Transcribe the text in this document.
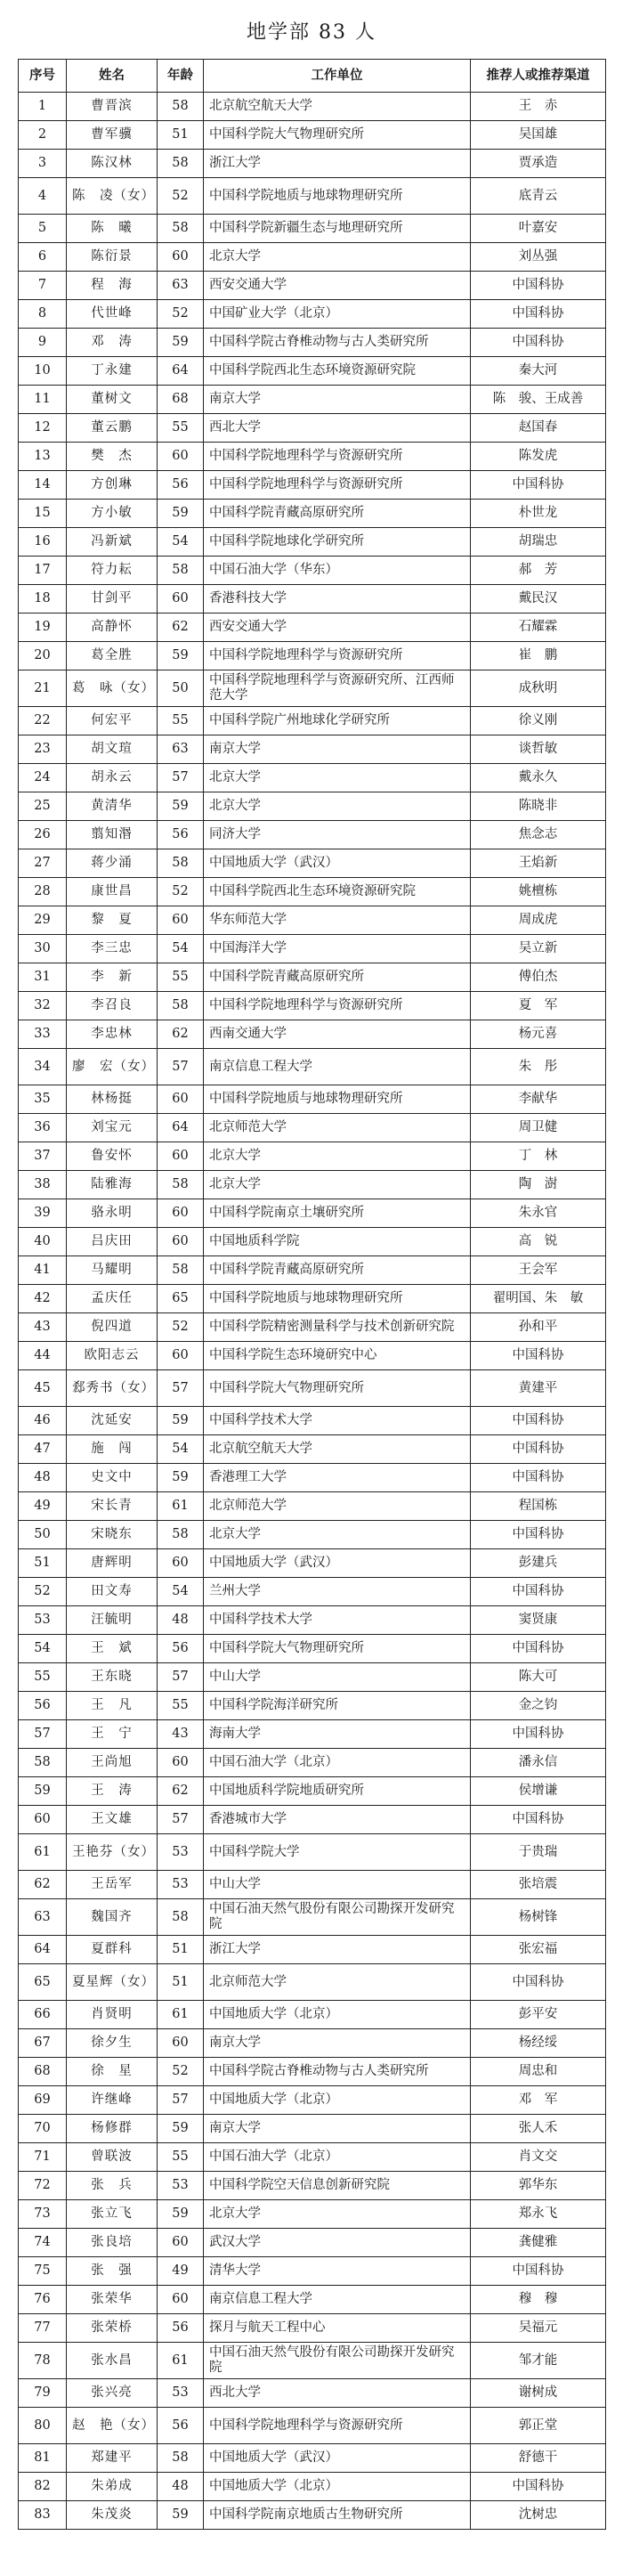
地学部 83 人
序号	姓名	年龄	工作单位	推荐人或推荐渠道
1	曹晋滨	58	北京航空航天大学	王　赤
2	曹军骥	51	中国科学院大气物理研究所	吴国雄
3	陈汉林	58	浙江大学	贾承造
4	陈　凌（女）	52	中国科学院地质与地球物理研究所	底青云
5	陈　曦	58	中国科学院新疆生态与地理研究所	叶嘉安
6	陈衍景	60	北京大学	刘丛强
7	程　海	63	西安交通大学	中国科协
8	代世峰	52	中国矿业大学（北京）	中国科协
9	邓　涛	59	中国科学院古脊椎动物与古人类研究所	中国科协
10	丁永建	64	中国科学院西北生态环境资源研究院	秦大河
11	董树文	68	南京大学	陈　骏、王成善
12	董云鹏	55	西北大学	赵国春
13	樊　杰	60	中国科学院地理科学与资源研究所	陈发虎
14	方创琳	56	中国科学院地理科学与资源研究所	中国科协
15	方小敏	59	中国科学院青藏高原研究所	朴世龙
16	冯新斌	54	中国科学院地球化学研究所	胡瑞忠
17	符力耘	58	中国石油大学（华东）	郝　芳
18	甘剑平	60	香港科技大学	戴民汉
19	高静怀	62	西安交通大学	石耀霖
20	葛全胜	59	中国科学院地理科学与资源研究所	崔　鹏
21	葛　咏（女）	50	中国科学院地理科学与资源研究所、江西师范大学	成秋明
22	何宏平	55	中国科学院广州地球化学研究所	徐义刚
23	胡文瑄	63	南京大学	谈哲敏
24	胡永云	57	北京大学	戴永久
25	黄清华	59	北京大学	陈晓非
26	翦知湣	56	同济大学	焦念志
27	蒋少涌	58	中国地质大学（武汉）	王焰新
28	康世昌	52	中国科学院西北生态环境资源研究院	姚檀栋
29	黎　夏	60	华东师范大学	周成虎
30	李三忠	54	中国海洋大学	吴立新
31	李　新	55	中国科学院青藏高原研究所	傅伯杰
32	李召良	58	中国科学院地理科学与资源研究所	夏　军
33	李忠林	62	西南交通大学	杨元喜
34	廖　宏（女）	57	南京信息工程大学	朱　彤
35	林杨挺	60	中国科学院地质与地球物理研究所	李献华
36	刘宝元	64	北京师范大学	周卫健
37	鲁安怀	60	北京大学	丁　林
38	陆雅海	58	北京大学	陶　澍
39	骆永明	60	中国科学院南京土壤研究所	朱永官
40	吕庆田	60	中国地质科学院	高　锐
41	马耀明	58	中国科学院青藏高原研究所	王会军
42	孟庆任	65	中国科学院地质与地球物理研究所	翟明国、朱　敏
43	倪四道	52	中国科学院精密测量科学与技术创新研究院	孙和平
44	欧阳志云	60	中国科学院生态环境研究中心	中国科协
45	郄秀书（女）	57	中国科学院大气物理研究所	黄建平
46	沈延安	59	中国科学技术大学	中国科协
47	施　闯	54	北京航空航天大学	中国科协
48	史文中	59	香港理工大学	中国科协
49	宋长青	61	北京师范大学	程国栋
50	宋晓东	58	北京大学	中国科协
51	唐辉明	60	中国地质大学（武汉）	彭建兵
52	田文寿	54	兰州大学	中国科协
53	汪毓明	48	中国科学技术大学	窦贤康
54	王　斌	56	中国科学院大气物理研究所	中国科协
55	王东晓	57	中山大学	陈大可
56	王　凡	55	中国科学院海洋研究所	金之钧
57	王　宁	43	海南大学	中国科协
58	王尚旭	60	中国石油大学（北京）	潘永信
59	王　涛	62	中国地质科学院地质研究所	侯增谦
60	王文雄	57	香港城市大学	中国科协
61	王艳芬（女）	53	中国科学院大学	于贵瑞
62	王岳军	53	中山大学	张培震
63	魏国齐	58	中国石油天然气股份有限公司勘探开发研究院	杨树锋
64	夏群科	51	浙江大学	张宏福
65	夏星辉（女）	51	北京师范大学	中国科协
66	肖贤明	61	中国地质大学（北京）	彭平安
67	徐夕生	60	南京大学	杨经绥
68	徐　星	52	中国科学院古脊椎动物与古人类研究所	周忠和
69	许继峰	57	中国地质大学（北京）	邓　军
70	杨修群	59	南京大学	张人禾
71	曾联波	55	中国石油大学（北京）	肖文交
72	张　兵	53	中国科学院空天信息创新研究院	郭华东
73	张立飞	59	北京大学	郑永飞
74	张良培	60	武汉大学	龚健雅
75	张　强	49	清华大学	中国科协
76	张荣华	60	南京信息工程大学	穆　穆
77	张荣桥	56	探月与航天工程中心	吴福元
78	张水昌	61	中国石油天然气股份有限公司勘探开发研究院	邹才能
79	张兴亮	53	西北大学	谢树成
80	赵　艳（女）	56	中国科学院地理科学与资源研究所	郭正堂
81	郑建平	58	中国地质大学（武汉）	舒德干
82	朱弟成	48	中国地质大学（北京）	中国科协
83	朱茂炎	59	中国科学院南京地质古生物研究所	沈树忠
